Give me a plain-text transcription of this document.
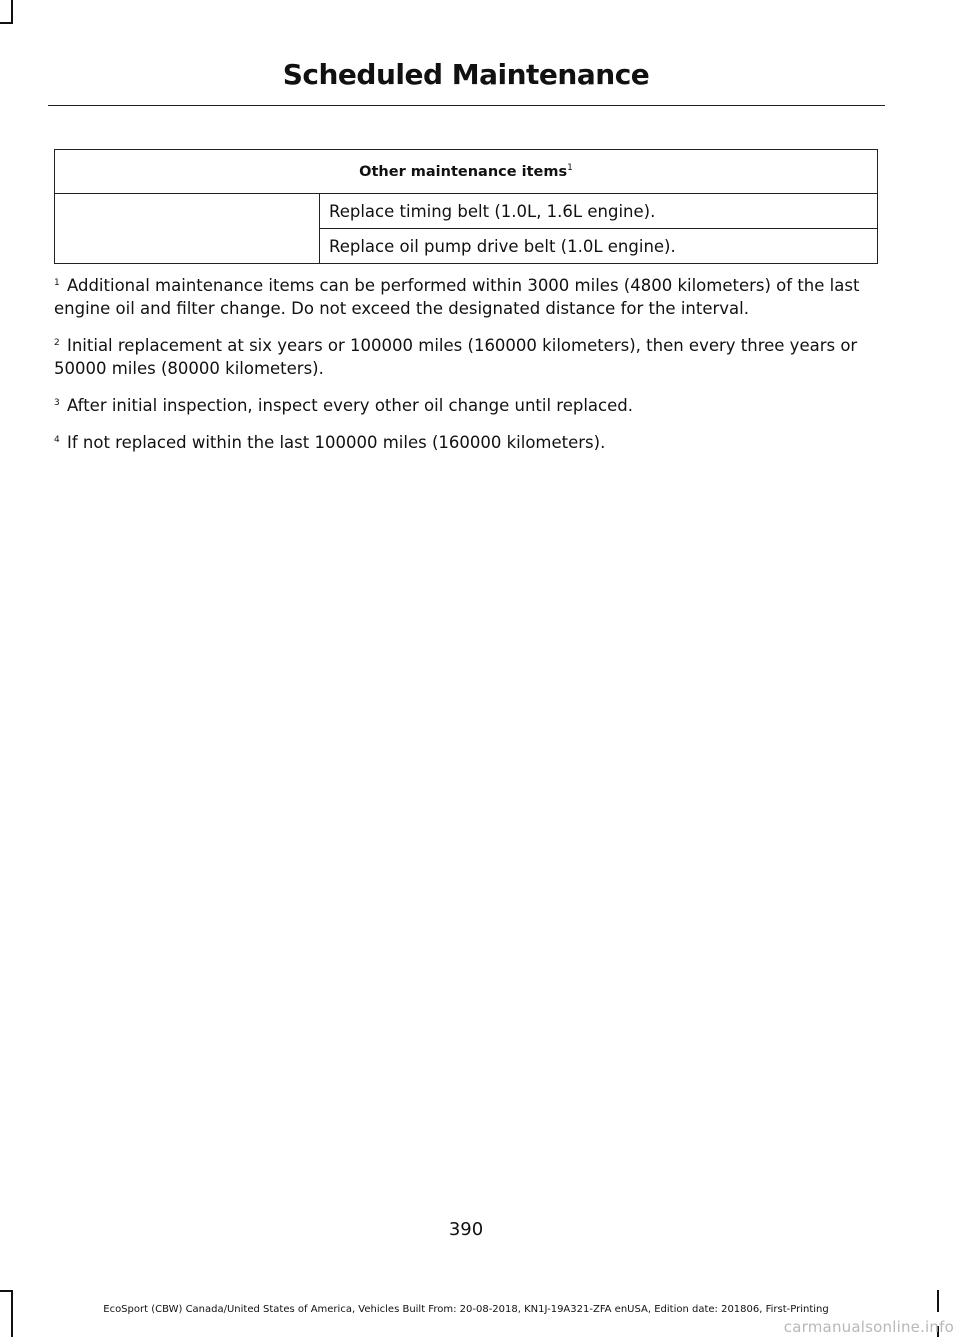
Scheduled Maintenance
Other maintenance items$^1$
	Replace timing belt (1.0L, 1.6L engine).
Replace oil pump drive belt (1.0L engine).

$^1$ Additional maintenance items can be performed within 3000 miles (4800 kilometers) of the last engine oil and filter change. Do not exceed the designated distance for the interval.

$^2$ Initial replacement at six years or 100000 miles (160000 kilometers), then every three years or 50000 miles (80000 kilometers).

$^3$ After initial inspection, inspect every other oil change until replaced.

$^4$ If not replaced within the last 100000 miles (160000 kilometers).

390
EcoSport (CBW) Canada/United States of America, Vehicles Built From: 20-08-2018, KN1J-19A321-ZFA enUSA, Edition date: 201806, First-Printing
carmanualsonline.info
